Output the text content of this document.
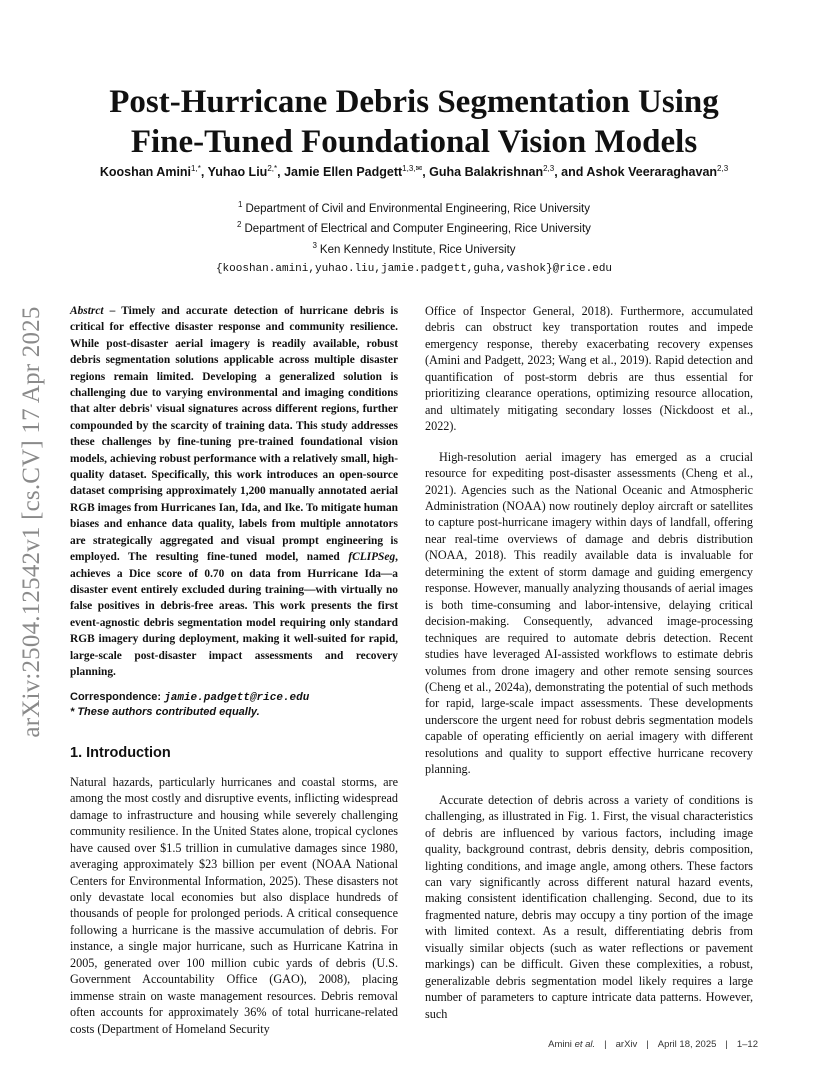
arXiv:2504.12542v1 [cs.CV] 17 Apr 2025
Post-Hurricane Debris Segmentation Using
Fine-Tuned Foundational Vision Models
Kooshan Amini$^{1,*}$, Yuhao Liu$^{2,*}$, Jamie Ellen Padgett$^{1,3,✉}$, Guha Balakrishnan$^{2,3}$, and Ashok Veeraraghavan$^{2,3}$
$^1$ Department of Civil and Environmental Engineering, Rice University
$^2$ Department of Electrical and Computer Engineering, Rice University
$^3$ Ken Kennedy Institute, Rice University
{kooshan.amini,yuhao.liu,jamie.padgett,guha,vashok}@rice.edu

Abstrct – Timely and accurate detection of hurricane debris is critical for effective disaster response and community resilience. While post-disaster aerial imagery is readily available, robust debris segmentation solutions applicable across multiple disaster regions remain limited. Developing a generalized solution is challenging due to varying environmental and imaging conditions that alter debris' visual signatures across different regions, further compounded by the scarcity of training data. This study addresses these challenges by fine-tuning pre-trained foundational vision models, achieving robust performance with a relatively small, high-quality dataset. Specifically, this work introduces an open-source dataset comprising approximately 1,200 manually annotated aerial RGB images from Hurricanes Ian, Ida, and Ike. To mitigate human biases and enhance data quality, labels from multiple annotators are strategically aggregated and visual prompt engineering is employed. The resulting fine-tuned model, named fCLIPSeg, achieves a Dice score of 0.70 on data from Hurricane Ida—a disaster event entirely excluded during training—with virtually no false positives in debris-free areas. This work presents the first event-agnostic debris segmentation model requiring only standard RGB imagery during deployment, making it well-suited for rapid, large-scale post-disaster impact assessments and recovery planning.

Correspondence: jamie.padgett@rice.edu
* These authors contributed equally.
1. Introduction

Natural hazards, particularly hurricanes and coastal storms, are among the most costly and disruptive events, inflicting widespread damage to infrastructure and housing while severely challenging community resilience. In the United States alone, tropical cyclones have caused over $1.5 trillion in cumulative damages since 1980, averaging approximately $23 billion per event (NOAA National Centers for Environmental Information, 2025). These disasters not only devastate local economies but also displace hundreds of thousands of people for prolonged periods. A critical consequence following a hurricane is the massive accumulation of debris. For instance, a single major hurricane, such as Hurricane Katrina in 2005, generated over 100 million cubic yards of debris (U.S. Government Accountability Office (GAO), 2008), placing immense strain on waste management resources. Debris removal often accounts for approximately 36% of total hurricane-related costs (Department of Homeland Security

Office of Inspector General, 2018). Furthermore, accumulated debris can obstruct key transportation routes and impede emergency response, thereby exacerbating recovery expenses (Amini and Padgett, 2023; Wang et al., 2019). Rapid detection and quantification of post-storm debris are thus essential for prioritizing clearance operations, optimizing resource allocation, and ultimately mitigating secondary losses (Nickdoost et al., 2022).

High-resolution aerial imagery has emerged as a crucial resource for expediting post-disaster assessments (Cheng et al., 2021). Agencies such as the National Oceanic and Atmospheric Administration (NOAA) now routinely deploy aircraft or satellites to capture post-hurricane imagery within days of landfall, offering near real-time overviews of damage and debris distribution (NOAA, 2018). This readily available data is invaluable for determining the extent of storm damage and guiding emergency response. However, manually analyzing thousands of aerial images is both time-consuming and labor-intensive, delaying critical decision-making. Consequently, advanced image-processing techniques are required to automate debris detection. Recent studies have leveraged AI-assisted workflows to estimate debris volumes from drone imagery and other remote sensing sources (Cheng et al., 2024a), demonstrating the potential of such methods for rapid, large-scale impact assessments. These developments underscore the urgent need for robust debris segmentation models capable of operating efficiently on aerial imagery with different resolutions and quality to support effective hurricane recovery planning.

Accurate detection of debris across a variety of conditions is challenging, as illustrated in Fig. 1. First, the visual characteristics of debris are influenced by various factors, including image quality, background contrast, debris density, debris composition, lighting conditions, and image angle, among others. These factors can vary significantly across different natural hazard events, making consistent identification challenging. Second, due to its fragmented nature, debris may occupy a tiny portion of the image with limited context. As a result, differentiating debris from visually similar objects (such as water reflections or pavement markings) can be difficult. Given these complexities, a robust, generalizable debris segmentation model likely requires a large number of parameters to capture intricate data patterns. However, such

Amini et al. | arXiv | April 18, 2025 | 1–12
